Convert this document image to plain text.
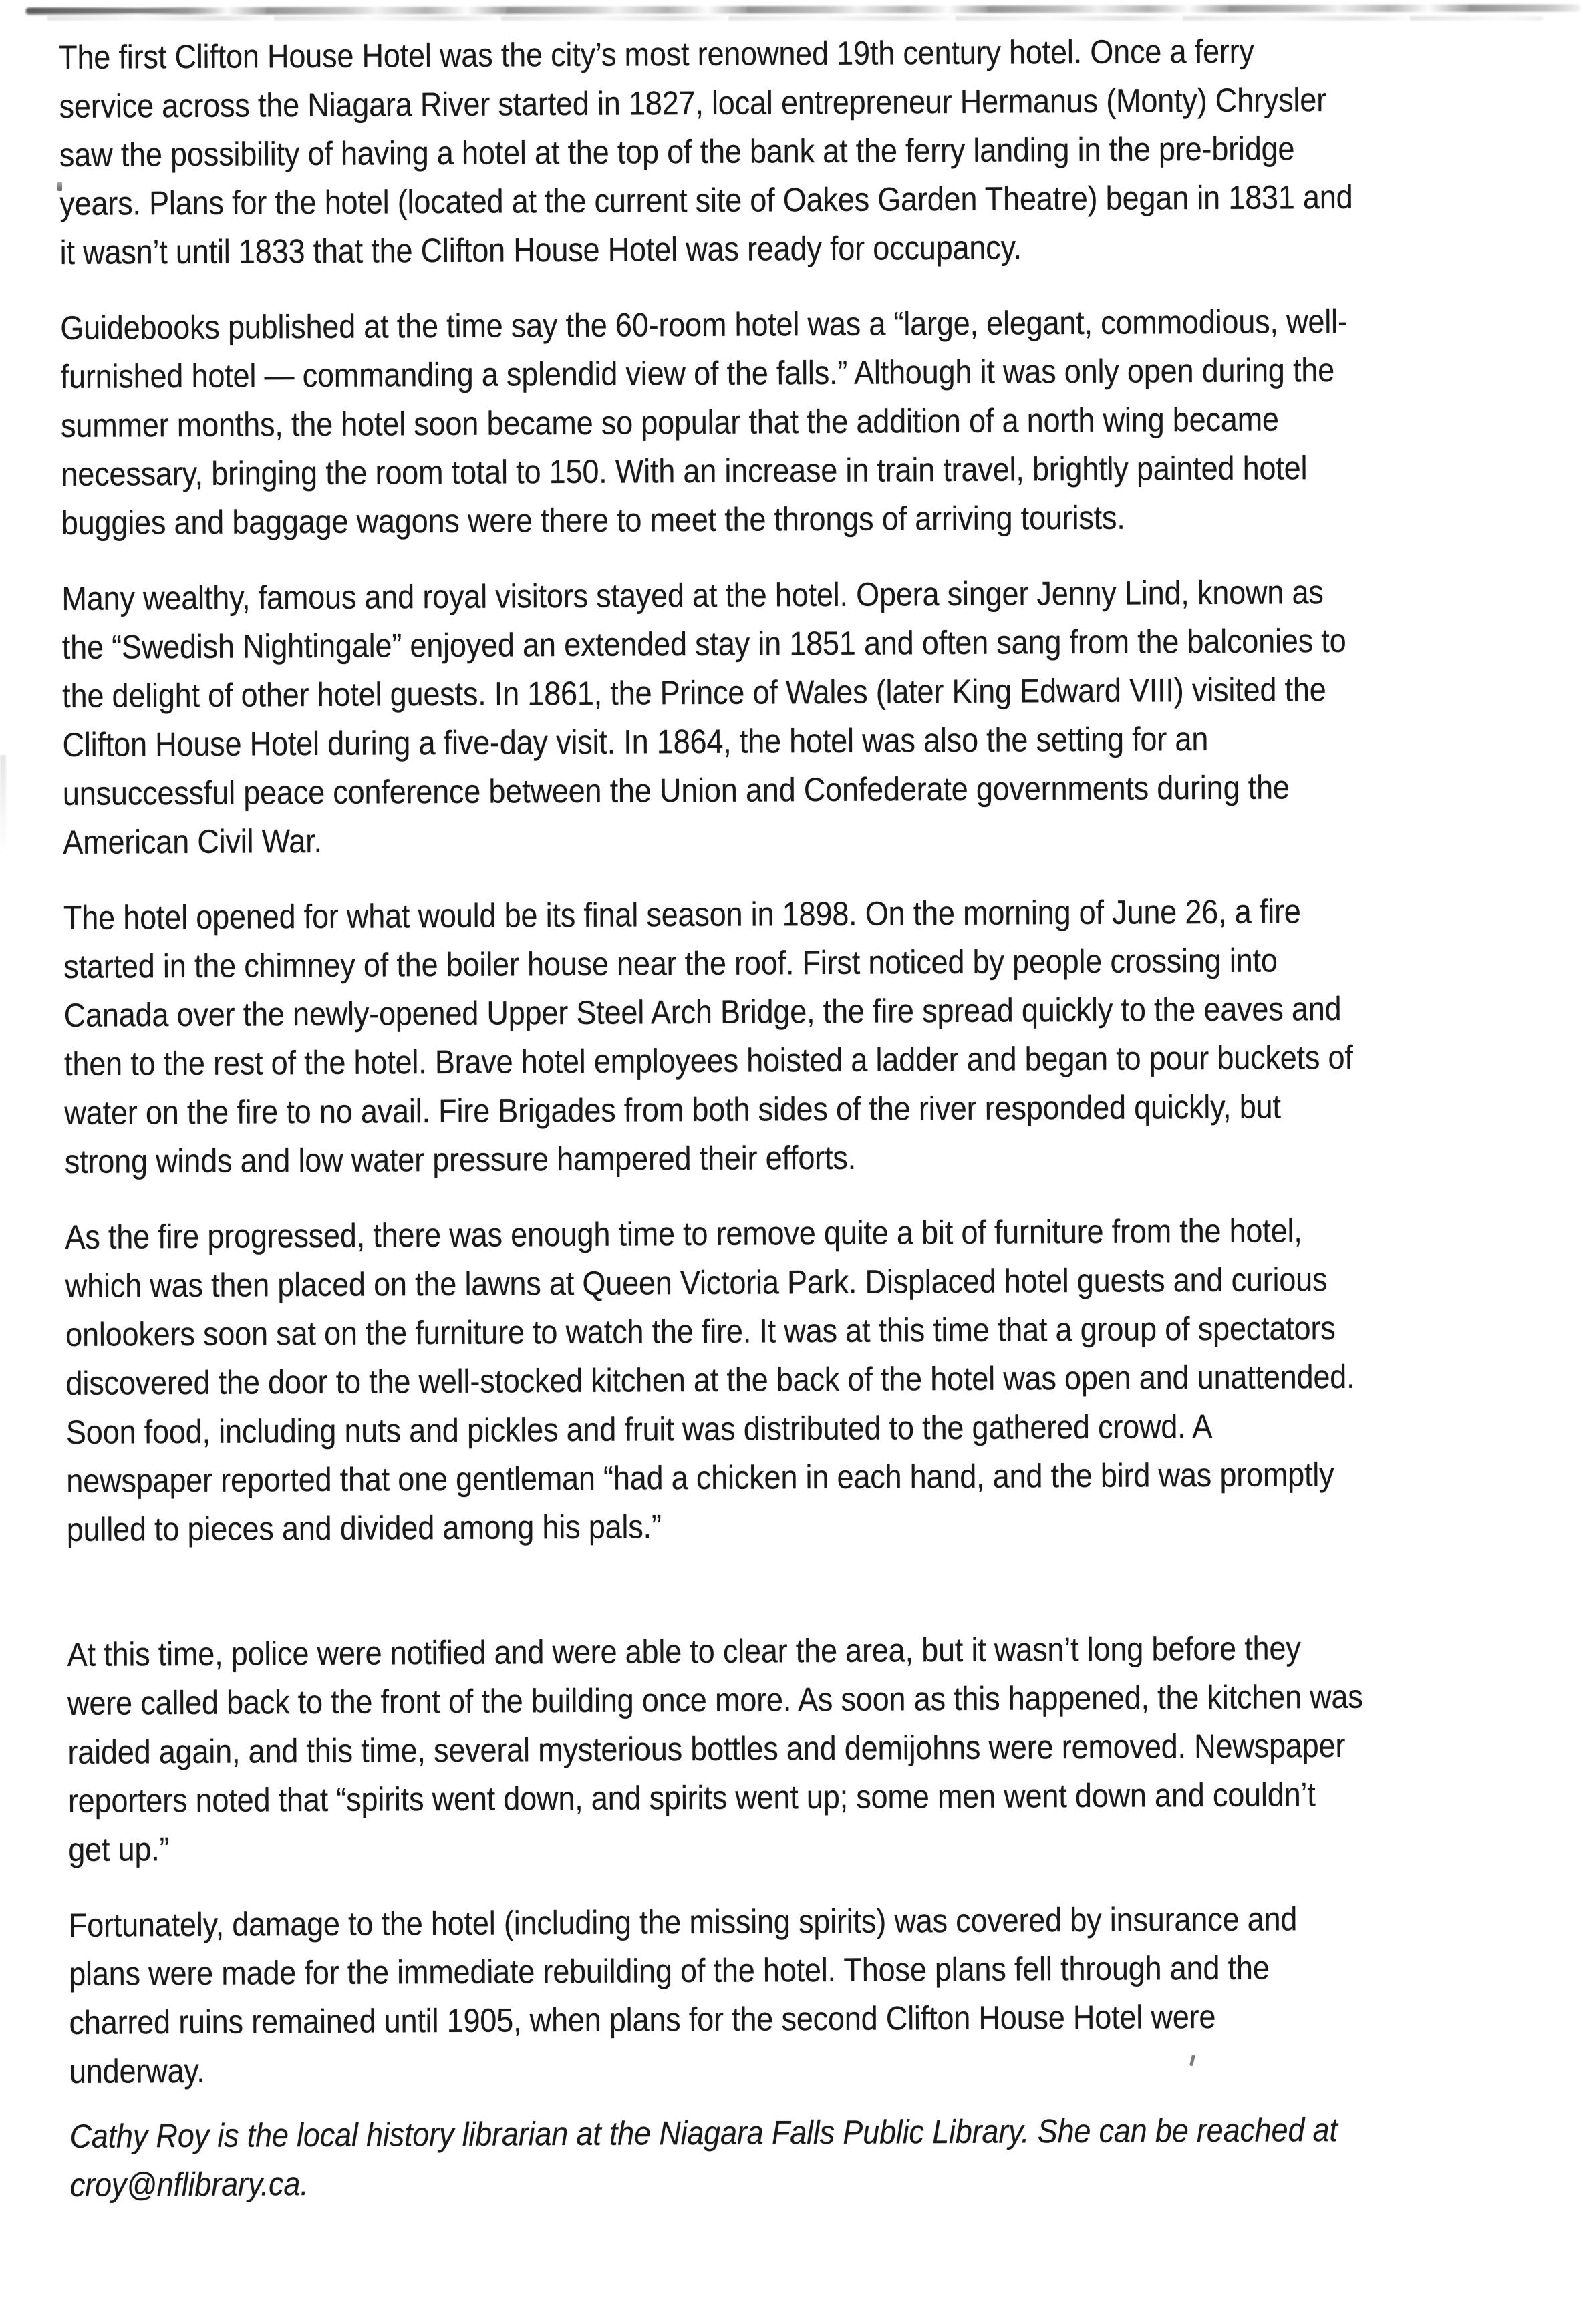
The first Clifton House Hotel was the city’s most renowned 19th century hotel. Once a ferry
service across the Niagara River started in 1827, local entrepreneur Hermanus (Monty) Chrysler
saw the possibility of having a hotel at the top of the bank at the ferry landing in the pre-bridge
years. Plans for the hotel (located at the current site of Oakes Garden Theatre) began in 1831 and
it wasn’t until 1833 that the Clifton House Hotel was ready for occupancy.

Guidebooks published at the time say the 60-room hotel was a “large, elegant, commodious, well-
furnished hotel — commanding a splendid view of the falls.” Although it was only open during the
summer months, the hotel soon became so popular that the addition of a north wing became
necessary, bringing the room total to 150. With an increase in train travel, brightly painted hotel
buggies and baggage wagons were there to meet the throngs of arriving tourists.

Many wealthy, famous and royal visitors stayed at the hotel. Opera singer Jenny Lind, known as
the “Swedish Nightingale” enjoyed an extended stay in 1851 and often sang from the balconies to
the delight of other hotel guests. In 1861, the Prince of Wales (later King Edward VIII) visited the
Clifton House Hotel during a five-day visit. In 1864, the hotel was also the setting for an
unsuccessful peace conference between the Union and Confederate governments during the
American Civil War.

The hotel opened for what would be its final season in 1898. On the morning of June 26, a fire
started in the chimney of the boiler house near the roof. First noticed by people crossing into
Canada over the newly-opened Upper Steel Arch Bridge, the fire spread quickly to the eaves and
then to the rest of the hotel. Brave hotel employees hoisted a ladder and began to pour buckets of
water on the fire to no avail. Fire Brigades from both sides of the river responded quickly, but
strong winds and low water pressure hampered their efforts.

As the fire progressed, there was enough time to remove quite a bit of furniture from the hotel,
which was then placed on the lawns at Queen Victoria Park. Displaced hotel guests and curious
onlookers soon sat on the furniture to watch the fire. It was at this time that a group of spectators
discovered the door to the well-stocked kitchen at the back of the hotel was open and unattended.
Soon food, including nuts and pickles and fruit was distributed to the gathered crowd. A
newspaper reported that one gentleman “had a chicken in each hand, and the bird was promptly
pulled to pieces and divided among his pals.”

At this time, police were notified and were able to clear the area, but it wasn’t long before they
were called back to the front of the building once more. As soon as this happened, the kitchen was
raided again, and this time, several mysterious bottles and demijohns were removed. Newspaper
reporters noted that “spirits went down, and spirits went up; some men went down and couldn’t
get up.”

Fortunately, damage to the hotel (including the missing spirits) was covered by insurance and
plans were made for the immediate rebuilding of the hotel. Those plans fell through and the
charred ruins remained until 1905, when plans for the second Clifton House Hotel were
underway.

Cathy Roy is the local history librarian at the Niagara Falls Public Library. She can be reached at
croy@nflibrary.ca.
